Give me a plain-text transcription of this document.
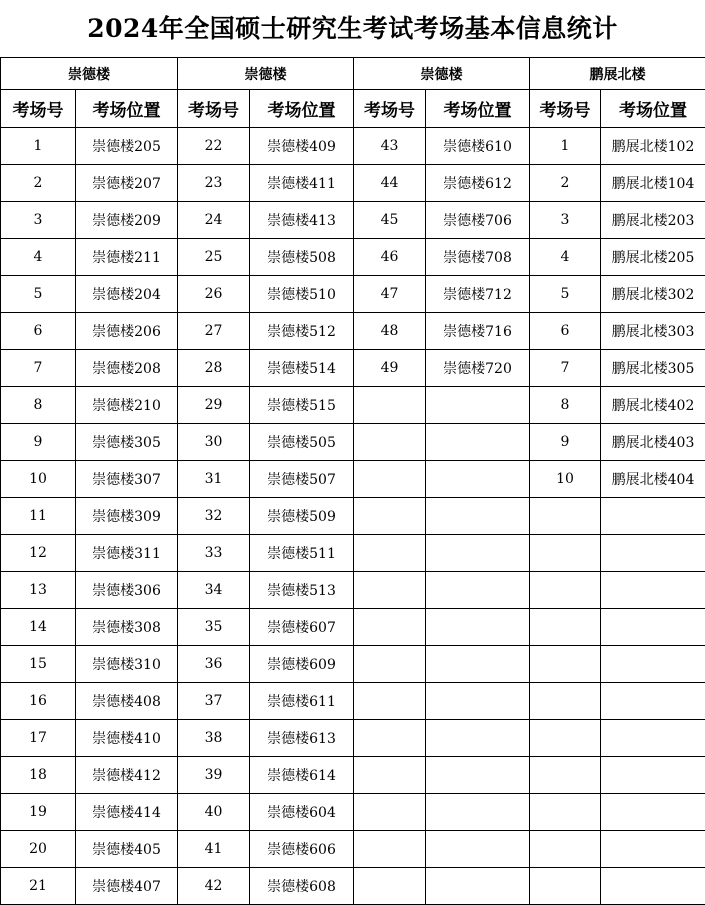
2024年全国硕士研究生考试考场基本信息统计
崇德楼		崇德楼		崇德楼		鹏展北楼	
考场号	考场位置	考场号	考场位置	考场号	考场位置	考场号	考场位置
1	崇德楼205	22	崇德楼409	43	崇德楼610	1	鹏展北楼102
2	崇德楼207	23	崇德楼411	44	崇德楼612	2	鹏展北楼104
3	崇德楼209	24	崇德楼413	45	崇德楼706	3	鹏展北楼203
4	崇德楼211	25	崇德楼508	46	崇德楼708	4	鹏展北楼205
5	崇德楼204	26	崇德楼510	47	崇德楼712	5	鹏展北楼302
6	崇德楼206	27	崇德楼512	48	崇德楼716	6	鹏展北楼303
7	崇德楼208	28	崇德楼514	49	崇德楼720	7	鹏展北楼305
8	崇德楼210	29	崇德楼515			8	鹏展北楼402
9	崇德楼305	30	崇德楼505			9	鹏展北楼403
10	崇德楼307	31	崇德楼507			10	鹏展北楼404
11	崇德楼309	32	崇德楼509				
12	崇德楼311	33	崇德楼511				
13	崇德楼306	34	崇德楼513				
14	崇德楼308	35	崇德楼607				
15	崇德楼310	36	崇德楼609				
16	崇德楼408	37	崇德楼611				
17	崇德楼410	38	崇德楼613				
18	崇德楼412	39	崇德楼614				
19	崇德楼414	40	崇德楼604				
20	崇德楼405	41	崇德楼606				
21	崇德楼407	42	崇德楼608				
